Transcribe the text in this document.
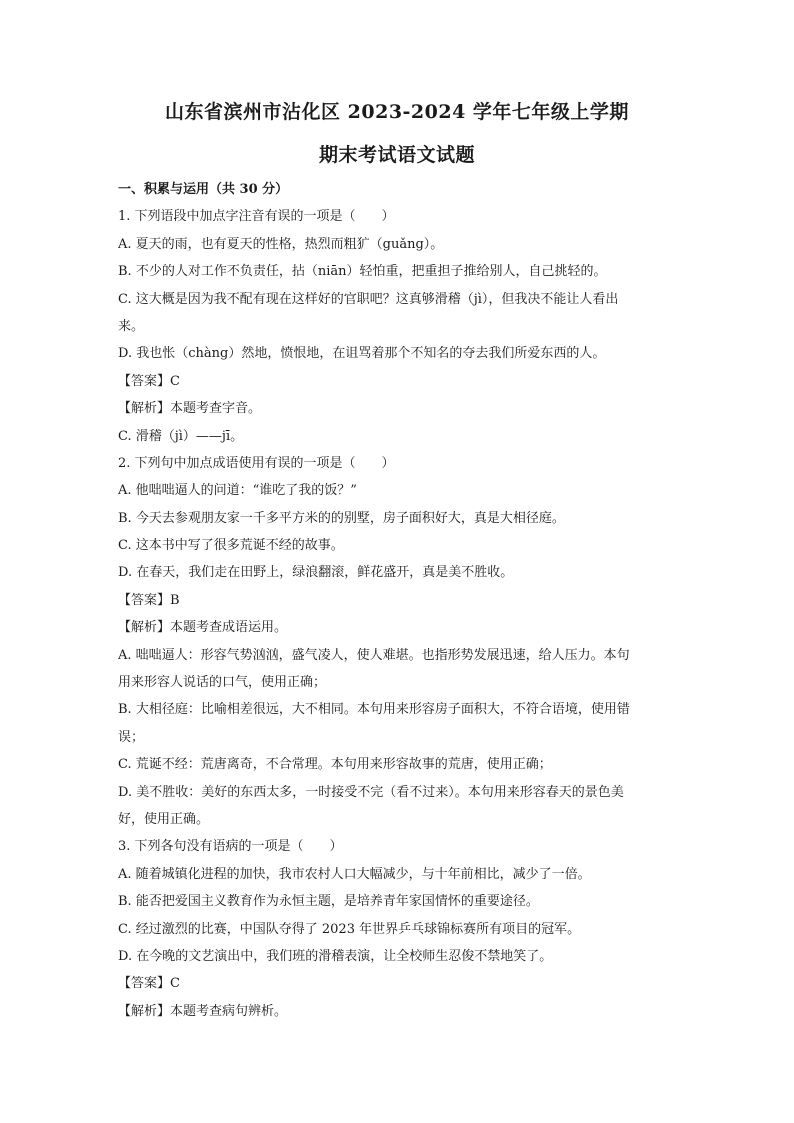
山东省滨州市沾化区 2023-2024 学年七年级上学期
期末考试语文试题
一、积累与运用（共 30 分）
1. 下列语段中加点字注音有误的一项是（　　）
A. 夏天的雨，也有夏天的性格，热烈而粗犷（guǎng）。
B. 不少的人对工作不负责任，拈（niān）轻怕重，把重担子推给别人，自己挑轻的。
C. 这大概是因为我不配有现在这样好的官职吧？这真够滑稽（jì），但我决不能让人看出
来。
D. 我也怅（chàng）然地，愤恨地，在诅骂着那个不知名的夺去我们所爱东西的人。
【答案】C
【解析】本题考查字音。
C. 滑稽（jì）——jī。
2. 下列句中加点成语使用有误的一项是（　　）
A. 他咄咄逼人的问道：“谁吃了我的饭？”
B. 今天去参观朋友家一千多平方米的的别墅，房子面积好大，真是大相径庭。
C. 这本书中写了很多荒诞不经的故事。
D. 在春天，我们走在田野上，绿浪翻滚，鲜花盛开，真是美不胜收。
【答案】B
【解析】本题考查成语运用。
A. 咄咄逼人：形容气势汹汹，盛气凌人，使人难堪。也指形势发展迅速，给人压力。本句
用来形容人说话的口气，使用正确；
B. 大相径庭：比喻相差很远，大不相同。本句用来形容房子面积大，不符合语境，使用错
误；
C. 荒诞不经：荒唐离奇，不合常理。本句用来形容故事的荒唐，使用正确；
D. 美不胜收：美好的东西太多，一时接受不完（看不过来）。本句用来形容春天的景色美
好，使用正确。
3. 下列各句没有语病的一项是（　　）
A. 随着城镇化进程的加快，我市农村人口大幅减少，与十年前相比，减少了一倍。
B. 能否把爱国主义教育作为永恒主题，是培养青年家国情怀的重要途径。
C. 经过激烈的比赛，中国队夺得了 2023 年世界乒乓球锦标赛所有项目的冠军。
D. 在今晚的文艺演出中，我们班的滑稽表演，让全校师生忍俊不禁地笑了。
【答案】C
【解析】本题考查病句辨析。
